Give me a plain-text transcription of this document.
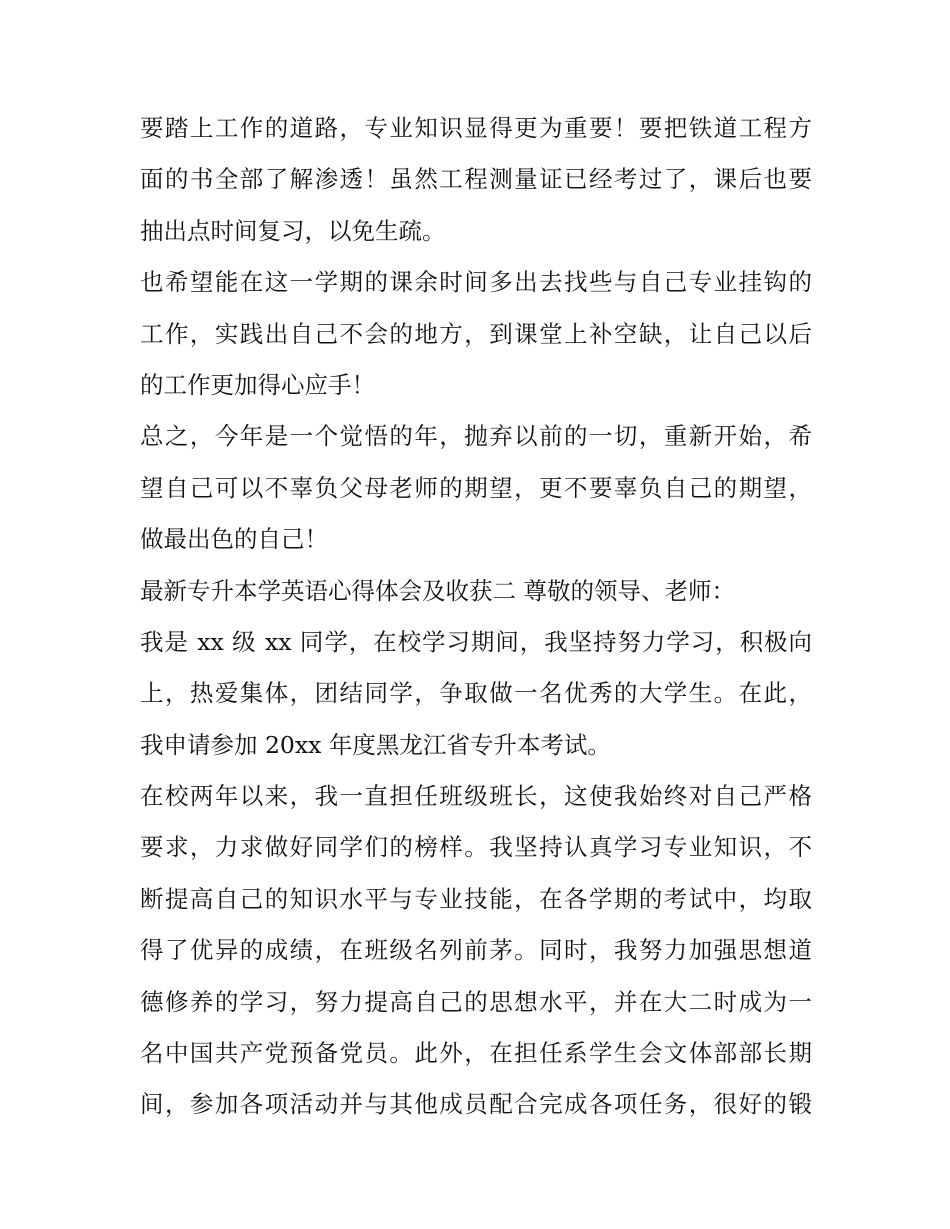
要踏上工作的道路，专业知识显得更为重要！要把铁道工程方
面的书全部了解渗透！虽然工程测量证已经考过了，课后也要
抽出点时间复习，以免生疏。
也希望能在这一学期的课余时间多出去找些与自己专业挂钩的
工作，实践出自己不会的地方，到课堂上补空缺，让自己以后
的工作更加得心应手！
总之，今年是一个觉悟的年，抛弃以前的一切，重新开始，希
望自己可以不辜负父母老师的期望，更不要辜负自己的期望，
做最出色的自己！
最新专升本学英语心得体会及收获二 尊敬的领导、老师：
我是 xx 级 xx 同学，在校学习期间，我坚持努力学习，积极向
上，热爱集体，团结同学，争取做一名优秀的大学生。在此，
我申请参加 20xx 年度黑龙江省专升本考试。
在校两年以来，我一直担任班级班长，这使我始终对自己严格
要求，力求做好同学们的榜样。我坚持认真学习专业知识，不
断提高自己的知识水平与专业技能，在各学期的考试中，均取
得了优异的成绩，在班级名列前茅。同时，我努力加强思想道
德修养的学习，努力提高自己的思想水平，并在大二时成为一
名中国共产党预备党员。此外，在担任系学生会文体部部长期
间，参加各项活动并与其他成员配合完成各项任务，很好的锻
